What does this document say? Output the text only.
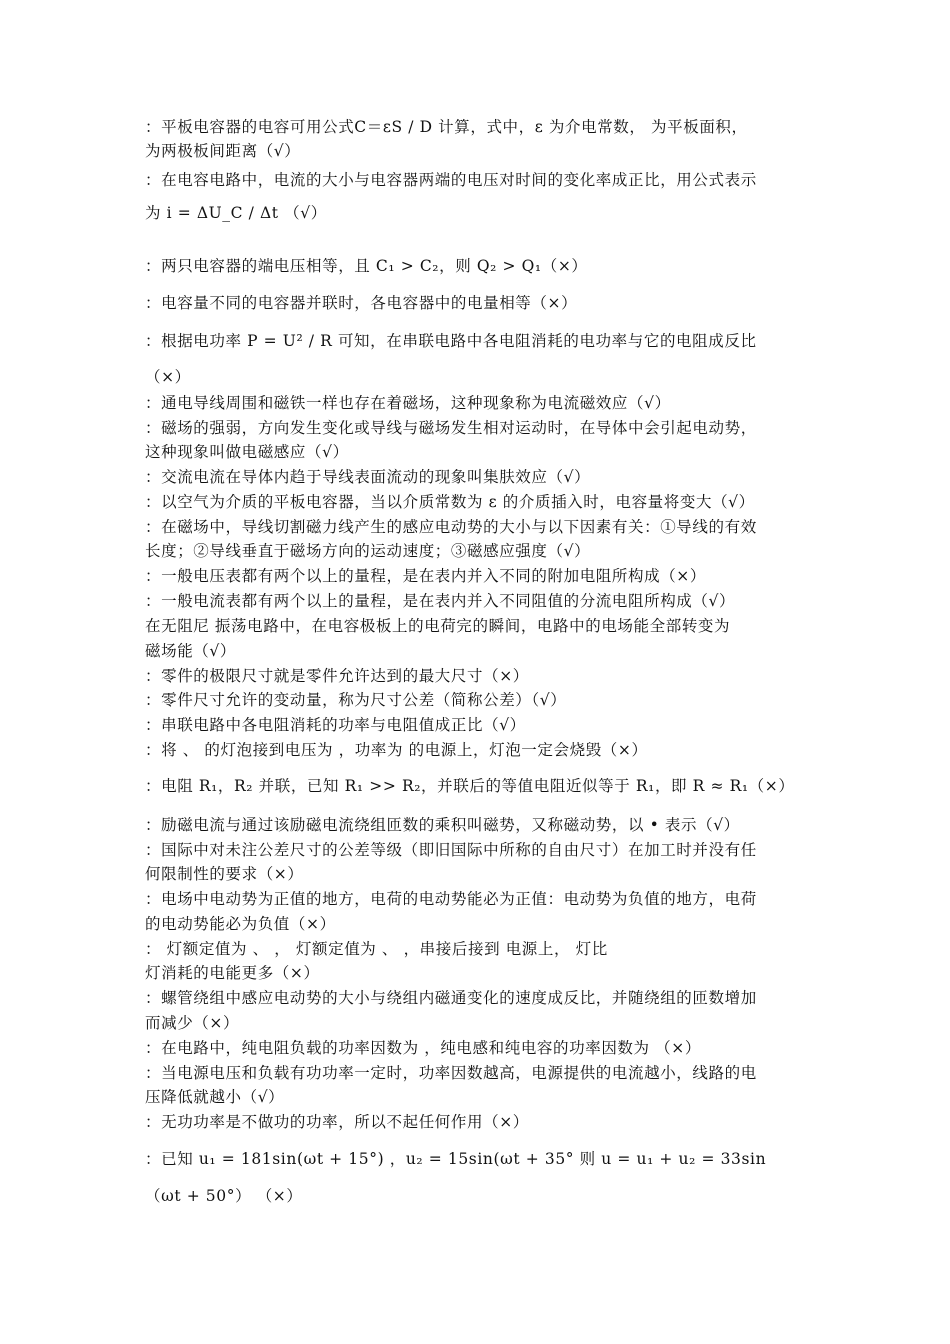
：平板电容器的电容可用公式C＝εS / D 计算，式中，ε 为介电常数， 为平板面积，
为两极板间距离（√）
：在电容电路中，电流的大小与电容器两端的电压对时间的变化率成正比，用公式表示
为 i = ΔU_C / Δt （√）
：两只电容器的端电压相等，且 C₁ > C₂，则 Q₂ > Q₁（×）
：电容量不同的电容器并联时，各电容器中的电量相等（×）
：根据电功率 P = U² / R 可知，在串联电路中各电阻消耗的电功率与它的电阻成反比
（×）
：通电导线周围和磁铁一样也存在着磁场，这种现象称为电流磁效应（√）
：磁场的强弱，方向发生变化或导线与磁场发生相对运动时，在导体中会引起电动势，
这种现象叫做电磁感应（√）
：交流电流在导体内趋于导线表面流动的现象叫集肤效应（√）
：以空气为介质的平板电容器，当以介质常数为 ε 的介质插入时，电容量将变大（√）
：在磁场中，导线切割磁力线产生的感应电动势的大小与以下因素有关：①导线的有效
长度；②导线垂直于磁场方向的运动速度；③磁感应强度（√）
：一般电压表都有两个以上的量程，是在表内并入不同的附加电阻所构成（×）
：一般电流表都有两个以上的量程，是在表内并入不同阻值的分流电阻所构成（√）
在无阻尼 振荡电路中，在电容极板上的电荷完的瞬间，电路中的电场能全部转变为
磁场能（√）
：零件的极限尺寸就是零件允许达到的最大尺寸（×）
：零件尺寸允许的变动量，称为尺寸公差（简称公差）（√）
：串联电路中各电阻消耗的功率与电阻值成正比（√）
：将 、 的灯泡接到电压为 ，功率为 的电源上，灯泡一定会烧毁（×）
：电阻 R₁，R₂ 并联，已知 R₁ >> R₂，并联后的等值电阻近似等于 R₁，即 R ≈ R₁（×）
：励磁电流与通过该励磁电流绕组匝数的乘积叫磁势，又称磁动势，以 • 表示（√）
：国际中对未注公差尺寸的公差等级（即旧国际中所称的自由尺寸）在加工时并没有任
何限制性的要求（×）
：电场中电动势为正值的地方，电荷的电动势能必为正值：电动势为负值的地方，电荷
的电动势能必为负值（×）
： 灯额定值为 、 ， 灯额定值为 、 ，串接后接到 电源上， 灯比
灯消耗的电能更多（×）
：螺管绕组中感应电动势的大小与绕组内磁通变化的速度成反比，并随绕组的匝数增加
而减少（×）
：在电路中，纯电阻负载的功率因数为 ，纯电感和纯电容的功率因数为 （×）
：当电源电压和负载有功功率一定时，功率因数越高，电源提供的电流越小，线路的电
压降低就越小（√）
：无功功率是不做功的功率，所以不起任何作用（×）
：已知 u₁ = 181sin(ωt + 15°) ，u₂ = 15sin(ωt + 35° 则 u = u₁ + u₂ = 33sin
（ωt + 50°） （×）
